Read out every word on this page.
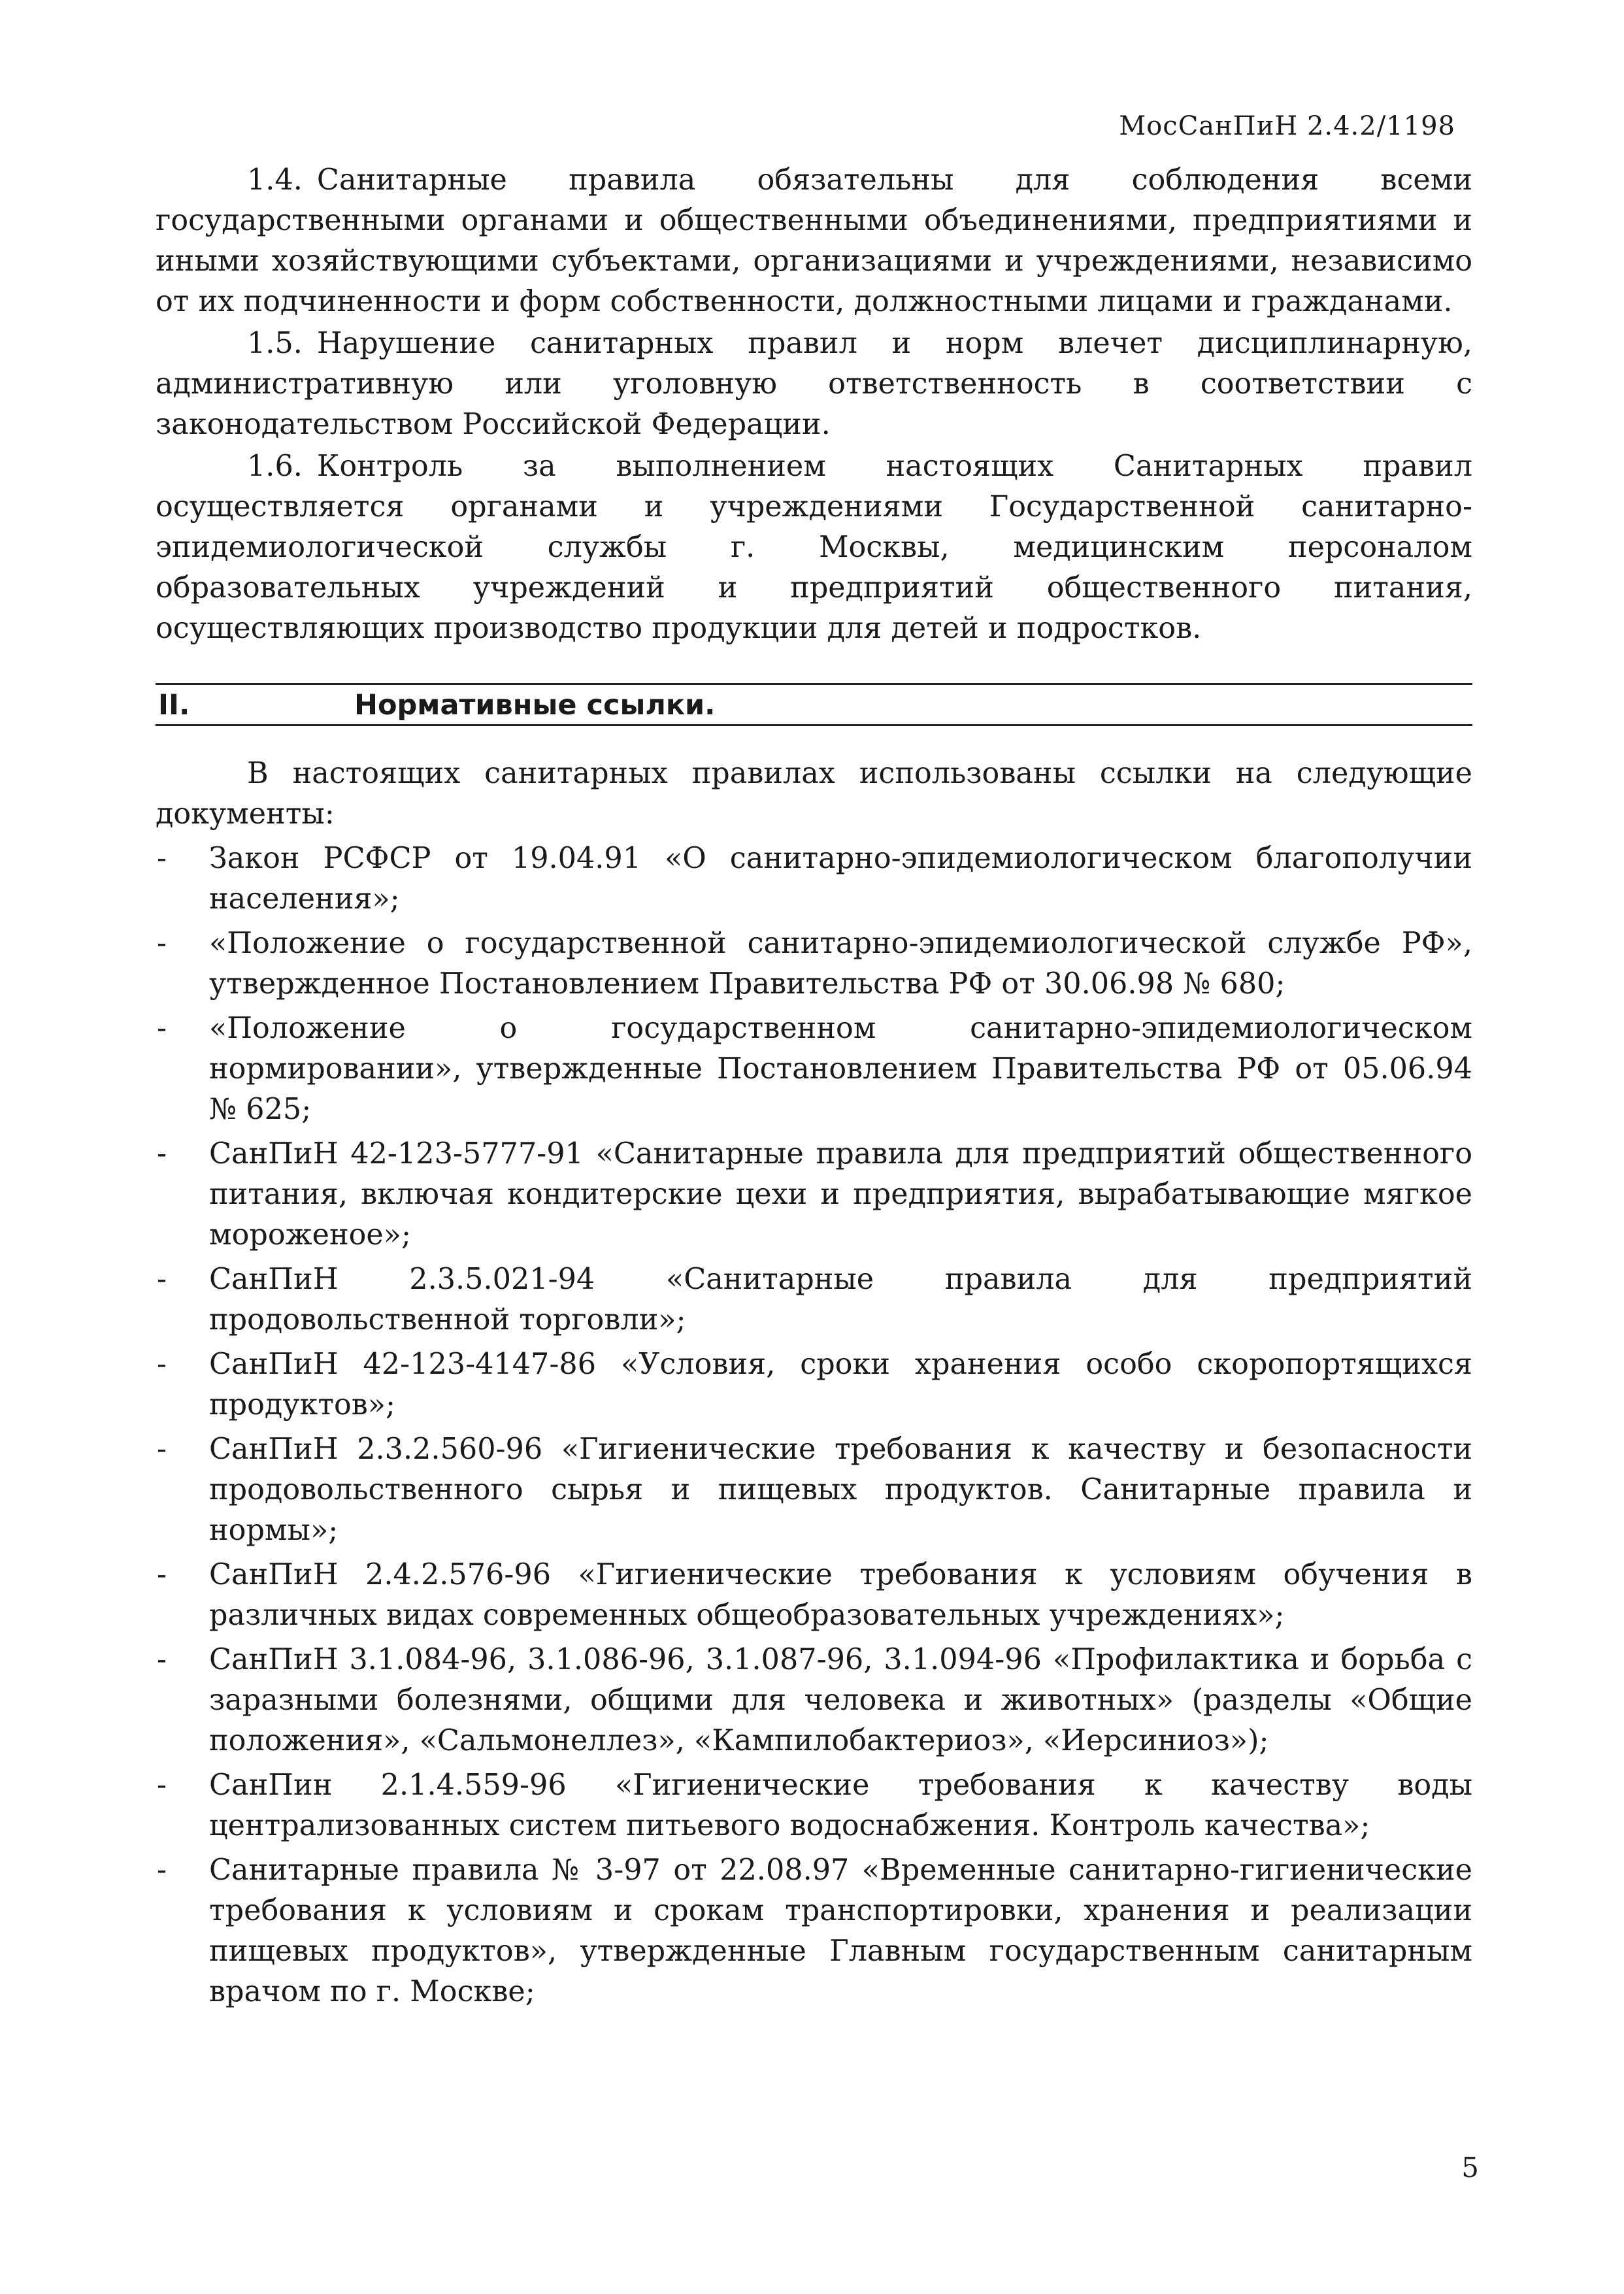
МосСанПиН 2.4.2/1198

1.4. Санитарные правила обязательны для соблюдения всеми государственными органами и общественными объединениями, предприятиями и иными хозяйствующими субъектами, организациями и учреждениями, независимо от их подчиненности и форм собственности, должностными лицами и гражданами.

1.5. Нарушение санитарных правил и норм влечет дисциплинарную, административную или уголовную ответственность в соответствии с законодательством Российской Федерации.

1.6. Контроль за выполнением настоящих Санитарных правил осуществляется органами и учреждениями Государственной санитарно-эпидемиологической службы г. Москвы, медицинским персоналом образовательных учреждений и предприятий общественного питания, осуществляющих производство продукции для детей и подростков.

II.	Нормативные ссылки.

В настоящих санитарных правилах использованы ссылки на следующие документы:

- Закон РСФСР от 19.04.91 «О санитарно-эпидемиологическом благополучии населения»;
- «Положение о государственной санитарно-эпидемиологической службе РФ», утвержденное Постановлением Правительства РФ от 30.06.98 № 680;
- «Положение о государственном санитарно-эпидемиологическом нормировании», утвержденные Постановлением Правительства РФ от 05.06.94 № 625;
- СанПиН 42-123-5777-91 «Санитарные правила для предприятий общественного питания, включая кондитерские цехи и предприятия, вырабатывающие мягкое мороженое»;
- СанПиН 2.3.5.021-94 «Санитарные правила для предприятий продовольственной торговли»;
- СанПиН 42-123-4147-86 «Условия, сроки хранения особо скоропортящихся продуктов»;
- СанПиН 2.3.2.560-96 «Гигиенические требования к качеству и безопасности продовольственного сырья и пищевых продуктов. Санитарные правила и нормы»;
- СанПиН 2.4.2.576-96 «Гигиенические требования к условиям обучения в различных видах современных общеобразовательных учреждениях»;
- СанПиН 3.1.084-96, 3.1.086-96, 3.1.087-96, 3.1.094-96 «Профилактика и борьба с заразными болезнями, общими для человека и животных» (разделы «Общие положения», «Сальмонеллез», «Кампилобактериоз», «Иерсиниоз»);
- СанПин 2.1.4.559-96 «Гигиенические требования к качеству воды централизованных систем питьевого водоснабжения. Контроль качества»;
- Санитарные правила № 3-97 от 22.08.97 «Временные санитарно-гигиенические требования к условиям и срокам транспортировки, хранения и реализации пищевых продуктов», утвержденные Главным государственным санитарным врачом по г. Москве;
5
